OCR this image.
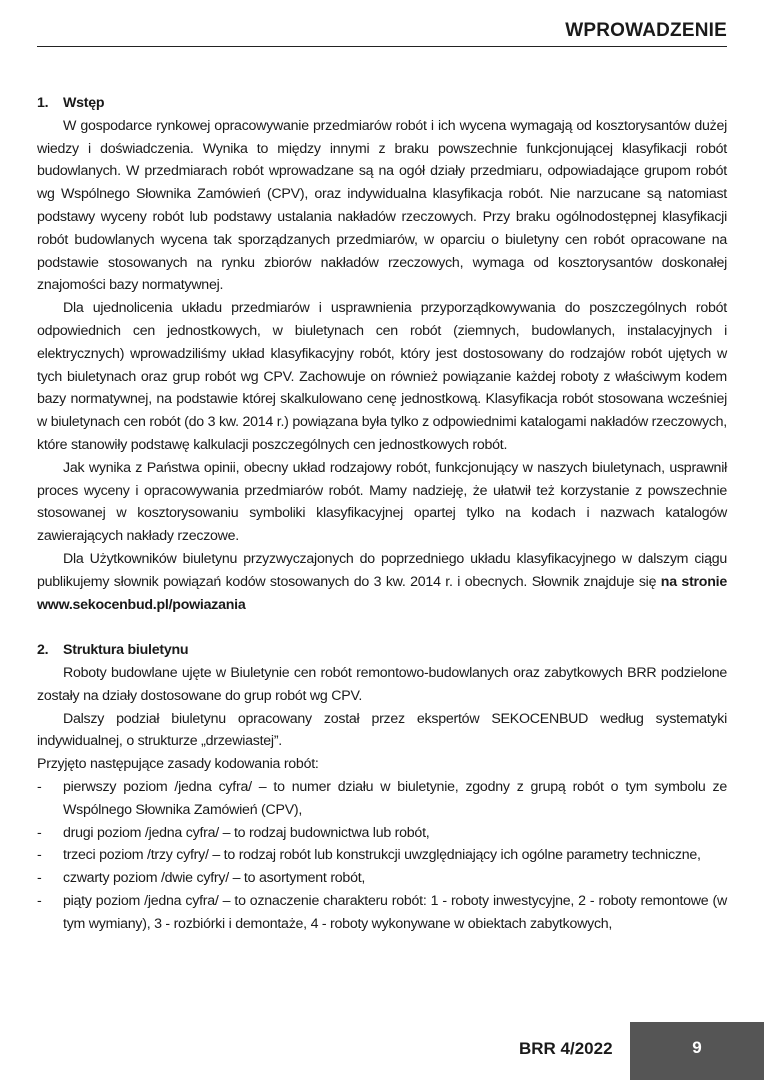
WPROWADZENIE

1. Wstęp

W gospodarce rynkowej opracowywanie przedmiarów robót i ich wycena wymagają od kosztorysantów dużej wiedzy i doświadczenia. Wynika to między innymi z braku powszechnie funkcjonującej klasyfikacji robót budowlanych. W przedmiarach robót wprowadzane są na ogół działy przedmiaru, odpowiadające grupom robót wg Wspólnego Słownika Zamówień (CPV), oraz indywidualna klasyfikacja robót. Nie narzucane są natomiast podstawy wyceny robót lub podstawy ustalania nakładów rzeczowych. Przy braku ogólnodostępnej klasyfikacji robót budowlanych wycena tak sporządzanych przedmiarów, w oparciu o biuletyny cen robót opracowane na podstawie stosowanych na rynku zbiorów nakładów rzeczowych, wymaga od kosztorysantów doskonałej znajomości bazy normatywnej.

Dla ujednolicenia układu przedmiarów i usprawnienia przyporządkowywania do poszczególnych robót odpowiednich cen jednostkowych, w biuletynach cen robót (ziemnych, budowlanych, instalacyjnych i elektrycznych) wprowadziliśmy układ klasyfikacyjny robót, który jest dostosowany do rodzajów robót ujętych w tych biuletynach oraz grup robót wg CPV. Zachowuje on również powiązanie każdej roboty z właściwym kodem bazy normatywnej, na podstawie której skalkulowano cenę jednostkową. Klasyfikacja robót stosowana wcześniej w biuletynach cen robót (do 3 kw. 2014 r.) powiązana była tylko z odpowiednimi katalogami nakładów rzeczowych, które stanowiły podstawę kalkulacji poszczególnych cen jednostkowych robót.

Jak wynika z Państwa opinii, obecny układ rodzajowy robót, funkcjonujący w naszych biuletynach, usprawnił proces wyceny i opracowywania przedmiarów robót. Mamy nadzieję, że ułatwił też korzystanie z powszechnie stosowanej w kosztorysowaniu symboliki klasyfikacyjnej opartej tylko na kodach i nazwach katalogów zawierających nakłady rzeczowe.

Dla Użytkowników biuletynu przyzwyczajonych do poprzedniego układu klasyfikacyjnego w dalszym ciągu publikujemy słownik powiązań kodów stosowanych do 3 kw. 2014 r. i obecnych. Słownik znajduje się na stronie www.sekocenbud.pl/powiazania

2. Struktura biuletynu

Roboty budowlane ujęte w Biuletynie cen robót remontowo-budowlanych oraz zabytkowych BRR podzielone zostały na działy dostosowane do grup robót wg CPV.

Dalszy podział biuletynu opracowany został przez ekspertów SEKOCENBUD według systematyki indywidualnej, o strukturze „drzewiastej”.

Przyjęto następujące zasady kodowania robót:

- pierwszy poziom /jedna cyfra/ – to numer działu w biuletynie, zgodny z grupą robót o tym symbolu ze Wspólnego Słownika Zamówień (CPV),
- drugi poziom /jedna cyfra/ – to rodzaj budownictwa lub robót,
- trzeci poziom /trzy cyfry/ – to rodzaj robót lub konstrukcji uwzględniający ich ogólne parametry techniczne,
- czwarty poziom /dwie cyfry/ – to asortyment robót,
- piąty poziom /jedna cyfra/ – to oznaczenie charakteru robót: 1 - roboty inwestycyjne, 2 - roboty remontowe (w tym wymiany), 3 - rozbiórki i demontaże, 4 - roboty wykonywane w obiektach zabytkowych,
BRR 4/2022	9
